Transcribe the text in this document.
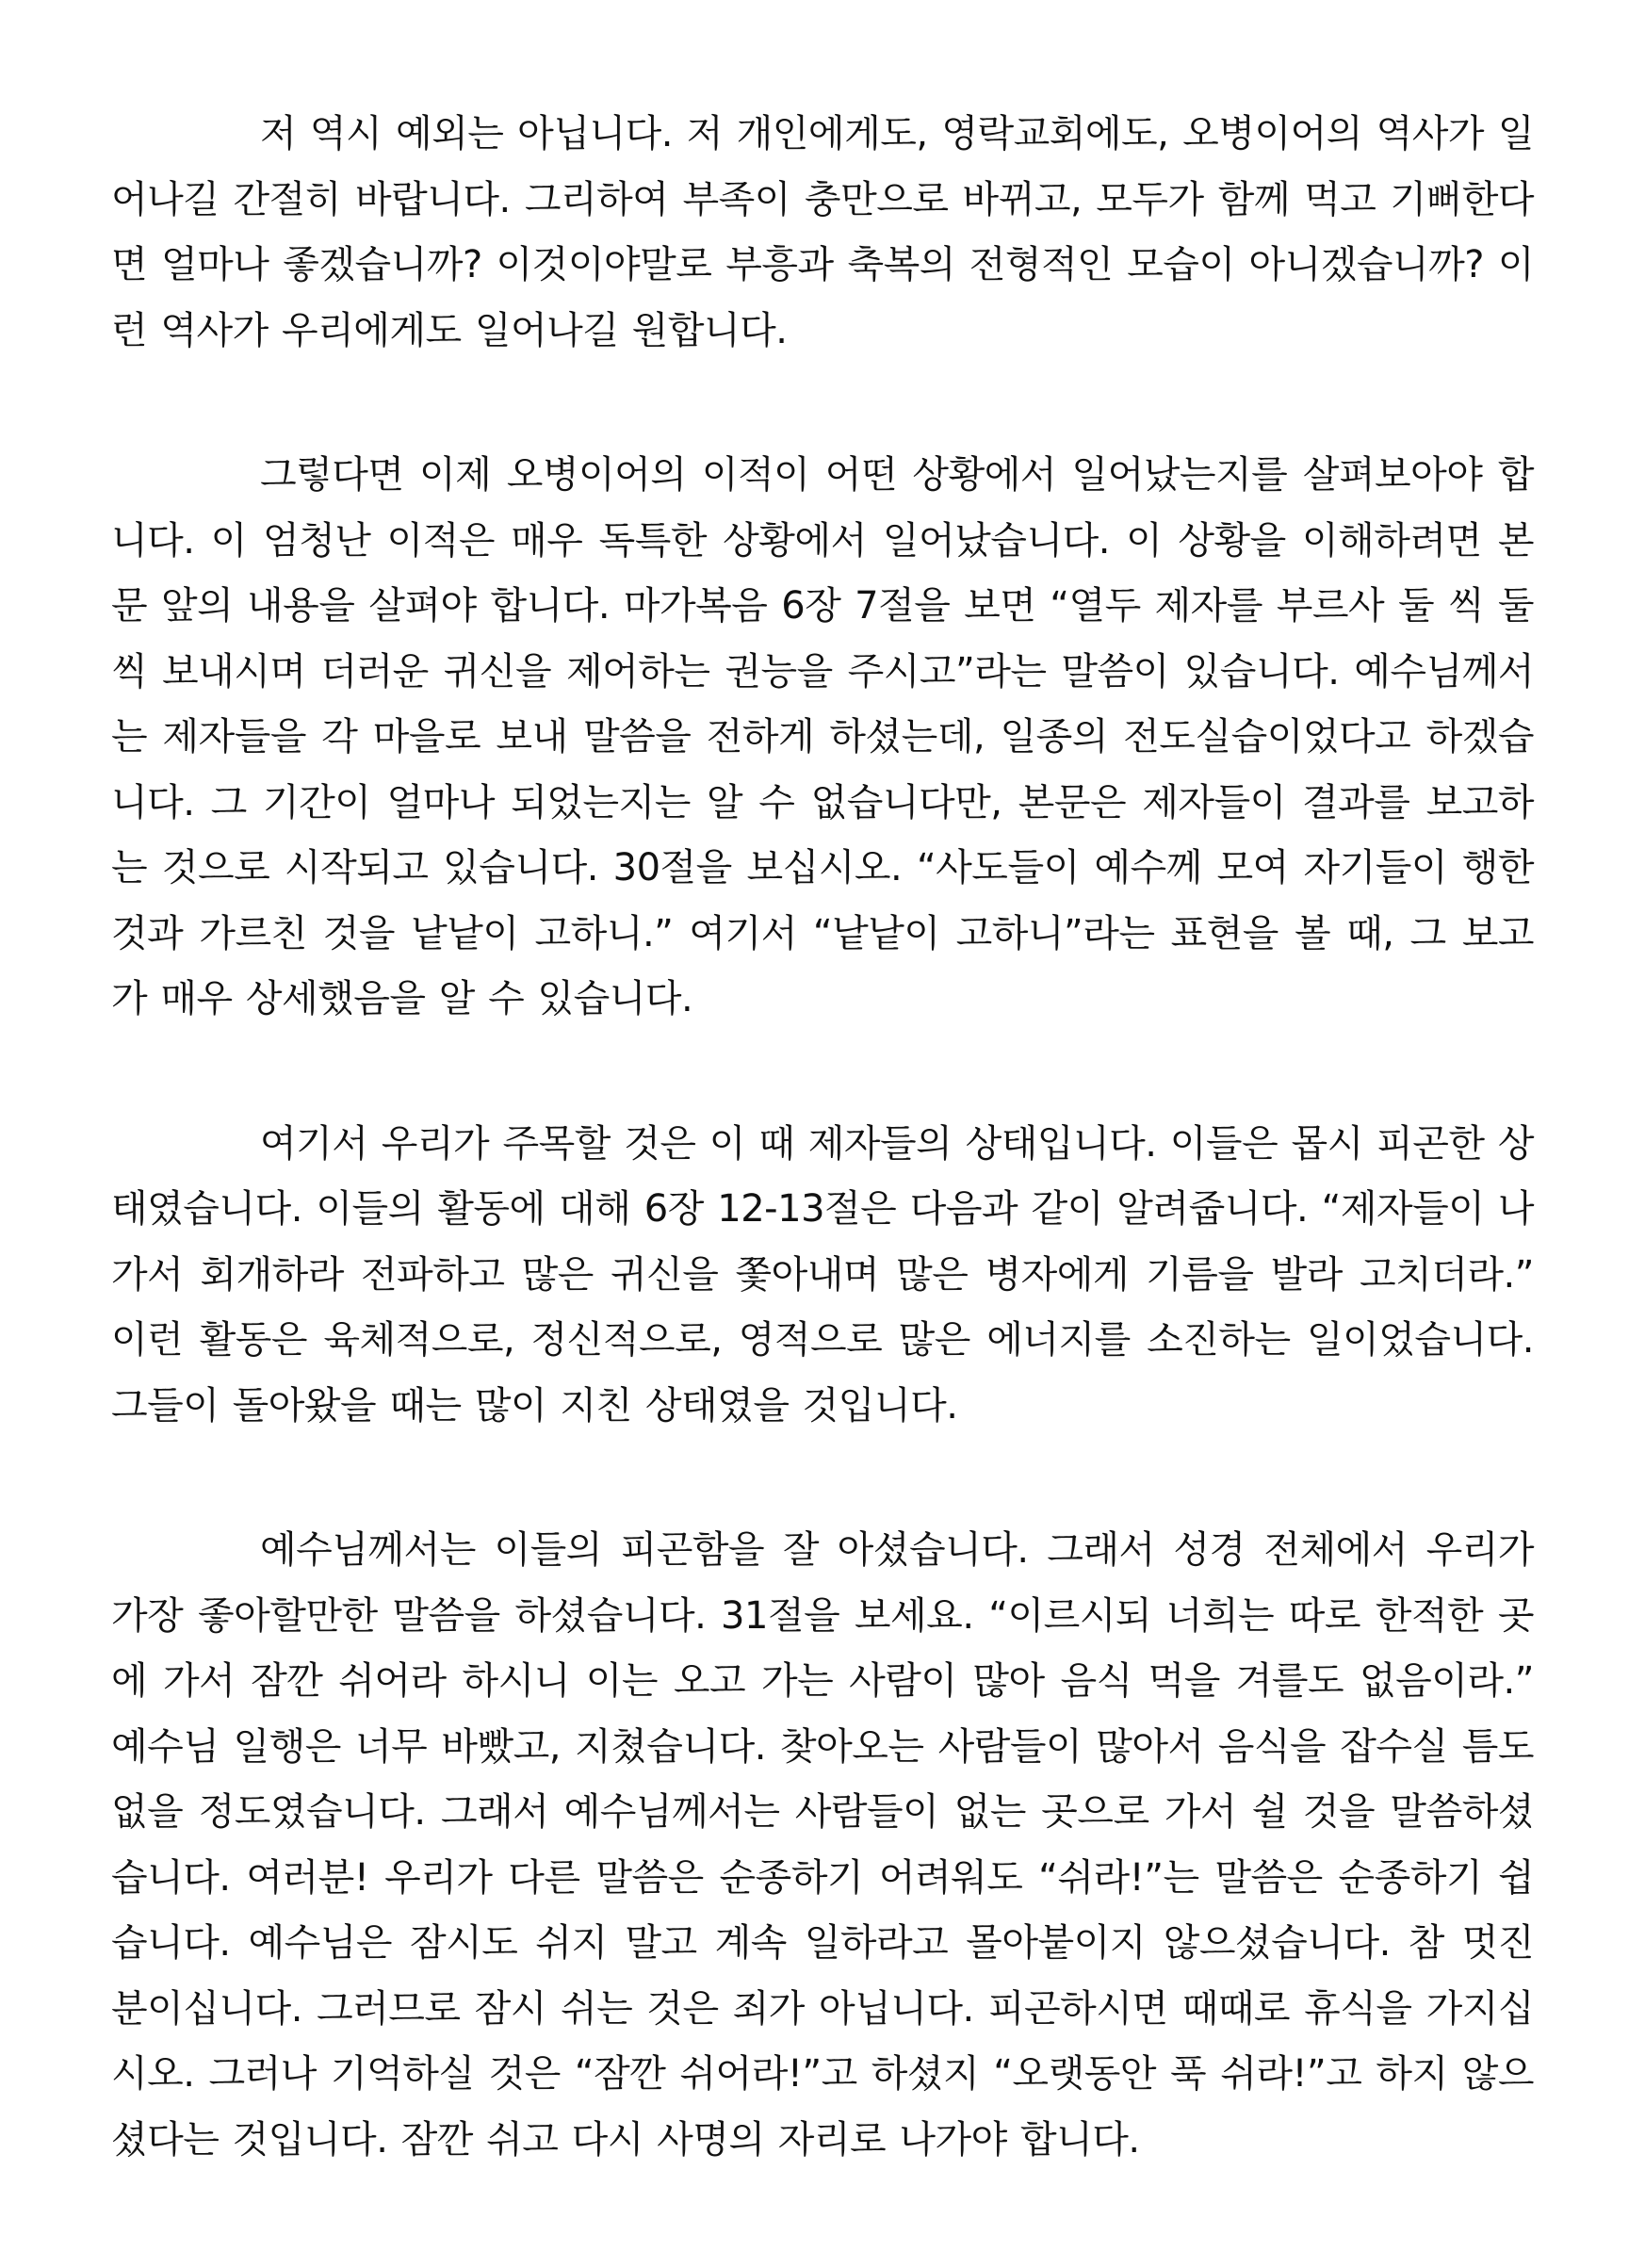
저 역시 예외는 아닙니다. 저 개인에게도, 영락교회에도, 오병이어의 역사가 일어나길 간절히 바랍니다. 그리하여 부족이 충만으로 바뀌고, 모두가 함께 먹고 기뻐한다면 얼마나 좋겠습니까? 이것이야말로 부흥과 축복의 전형적인 모습이 아니겠습니까? 이런 역사가 우리에게도 일어나길 원합니다.

그렇다면 이제 오병이어의 이적이 어떤 상황에서 일어났는지를 살펴보아야 합니다. 이 엄청난 이적은 매우 독특한 상황에서 일어났습니다. 이 상황을 이해하려면 본문 앞의 내용을 살펴야 합니다. 마가복음 6장 7절을 보면 “열두 제자를 부르사 둘 씩 둘 씩 보내시며 더러운 귀신을 제어하는 권능을 주시고”라는 말씀이 있습니다. 예수님께서는 제자들을 각 마을로 보내 말씀을 전하게 하셨는데, 일종의 전도실습이었다고 하겠습니다. 그 기간이 얼마나 되었는지는 알 수 없습니다만, 본문은 제자들이 결과를 보고하는 것으로 시작되고 있습니다. 30절을 보십시오. “사도들이 예수께 모여 자기들이 행한 것과 가르친 것을 낱낱이 고하니.” 여기서 “낱낱이 고하니”라는 표현을 볼 때, 그 보고가 매우 상세했음을 알 수 있습니다.

여기서 우리가 주목할 것은 이 때 제자들의 상태입니다. 이들은 몹시 피곤한 상태였습니다. 이들의 활동에 대해 6장 12-13절은 다음과 같이 알려줍니다. “제자들이 나가서 회개하라 전파하고 많은 귀신을 쫓아내며 많은 병자에게 기름을 발라 고치더라.” 이런 활동은 육체적으로, 정신적으로, 영적으로 많은 에너지를 소진하는 일이었습니다. 그들이 돌아왔을 때는 많이 지친 상태였을 것입니다.

예수님께서는 이들의 피곤함을 잘 아셨습니다. 그래서 성경 전체에서 우리가 가장 좋아할만한 말씀을 하셨습니다. 31절을 보세요. “이르시되 너희는 따로 한적한 곳에 가서 잠깐 쉬어라 하시니 이는 오고 가는 사람이 많아 음식 먹을 겨를도 없음이라.” 예수님 일행은 너무 바빴고, 지쳤습니다. 찾아오는 사람들이 많아서 음식을 잡수실 틈도 없을 정도였습니다. 그래서 예수님께서는 사람들이 없는 곳으로 가서 쉴 것을 말씀하셨습니다. 여러분! 우리가 다른 말씀은 순종하기 어려워도 “쉬라!”는 말씀은 순종하기 쉽습니다. 예수님은 잠시도 쉬지 말고 계속 일하라고 몰아붙이지 않으셨습니다. 참 멋진 분이십니다. 그러므로 잠시 쉬는 것은 죄가 아닙니다. 피곤하시면 때때로 휴식을 가지십시오. 그러나 기억하실 것은 “잠깐 쉬어라!”고 하셨지 “오랫동안 푹 쉬라!”고 하지 않으셨다는 것입니다. 잠깐 쉬고 다시 사명의 자리로 나가야 합니다.
